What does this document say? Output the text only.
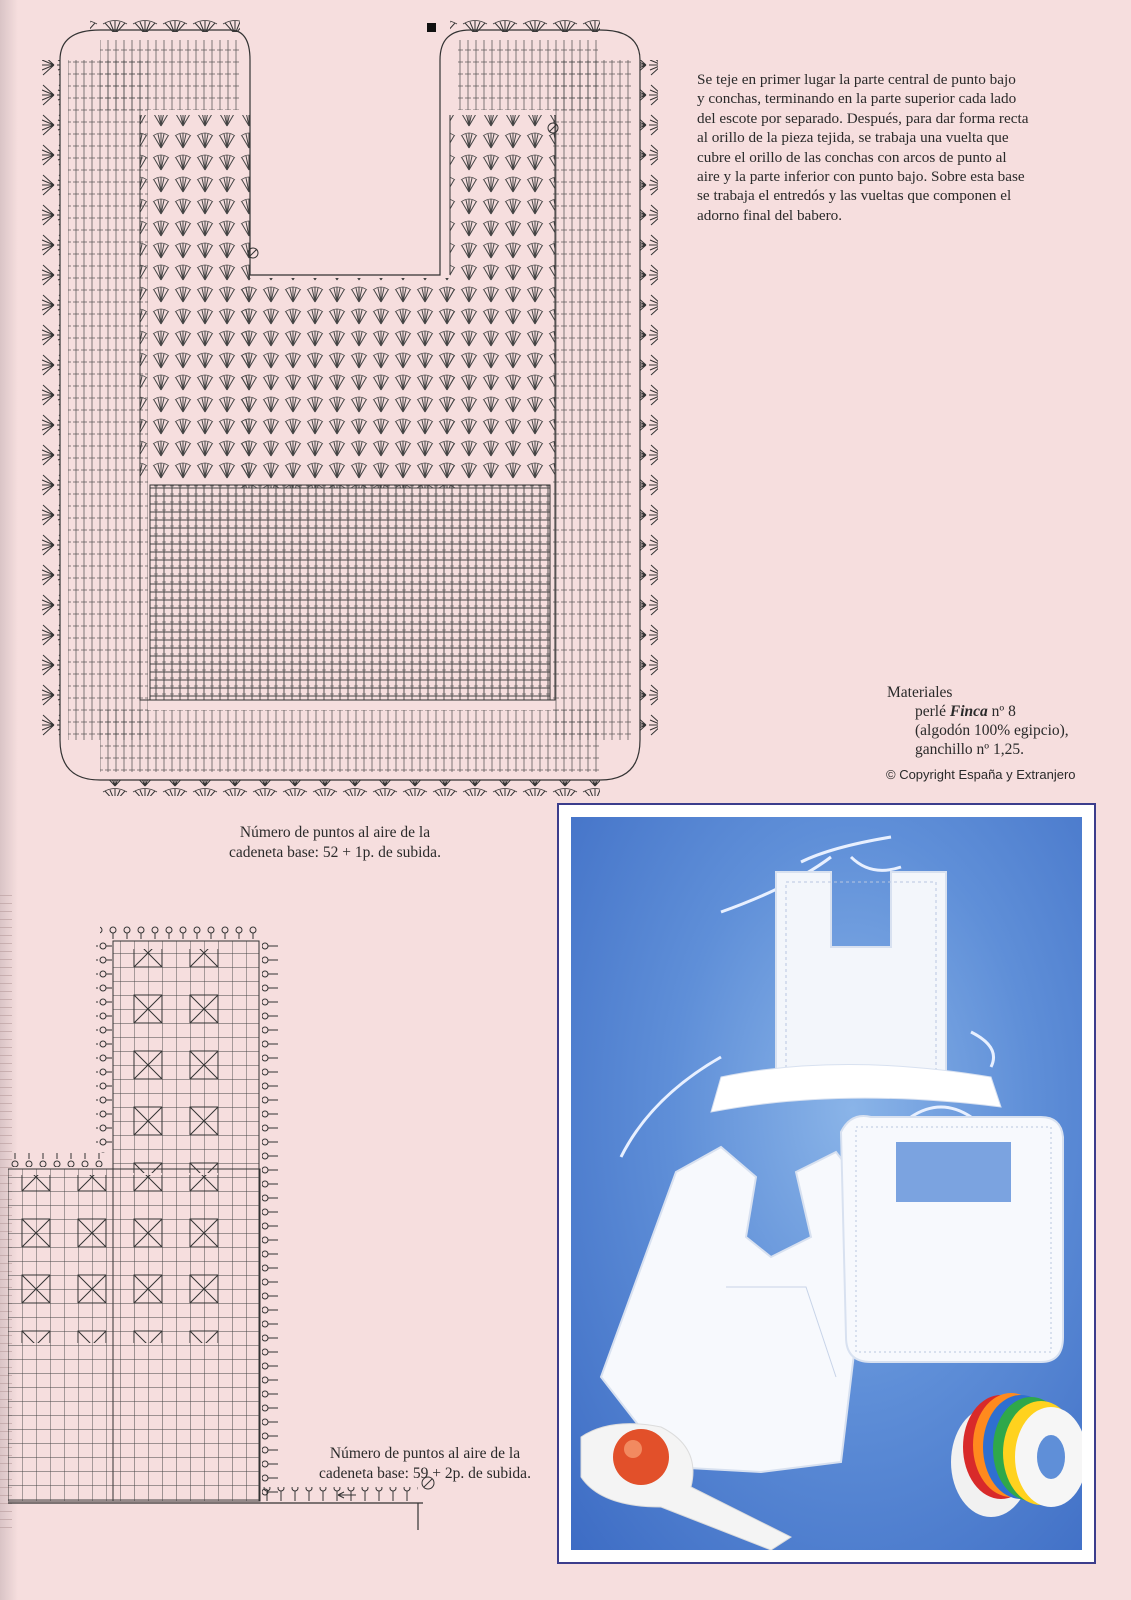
Se teje en primer lugar la parte central de punto bajo
y conchas, terminando en la parte superior cada lado
del escote por separado. Después, para dar forma recta
al orillo de la pieza tejida, se trabaja una vuelta que
cubre el orillo de las conchas con arcos de punto al
aire y la parte inferior con punto bajo. Sobre esta base
se trabaja el entredós y las vueltas que componen el
adorno final del babero.
Número de puntos al aire de la
cadeneta base: 52 + 1p. de subida.
Materiales
perlé Finca nº 8
(algodón 100% egipcio),
ganchillo nº 1,25.
© Copyright España y Extranjero
Número de puntos al aire de la
cadeneta base: 59 + 2p. de subida.
